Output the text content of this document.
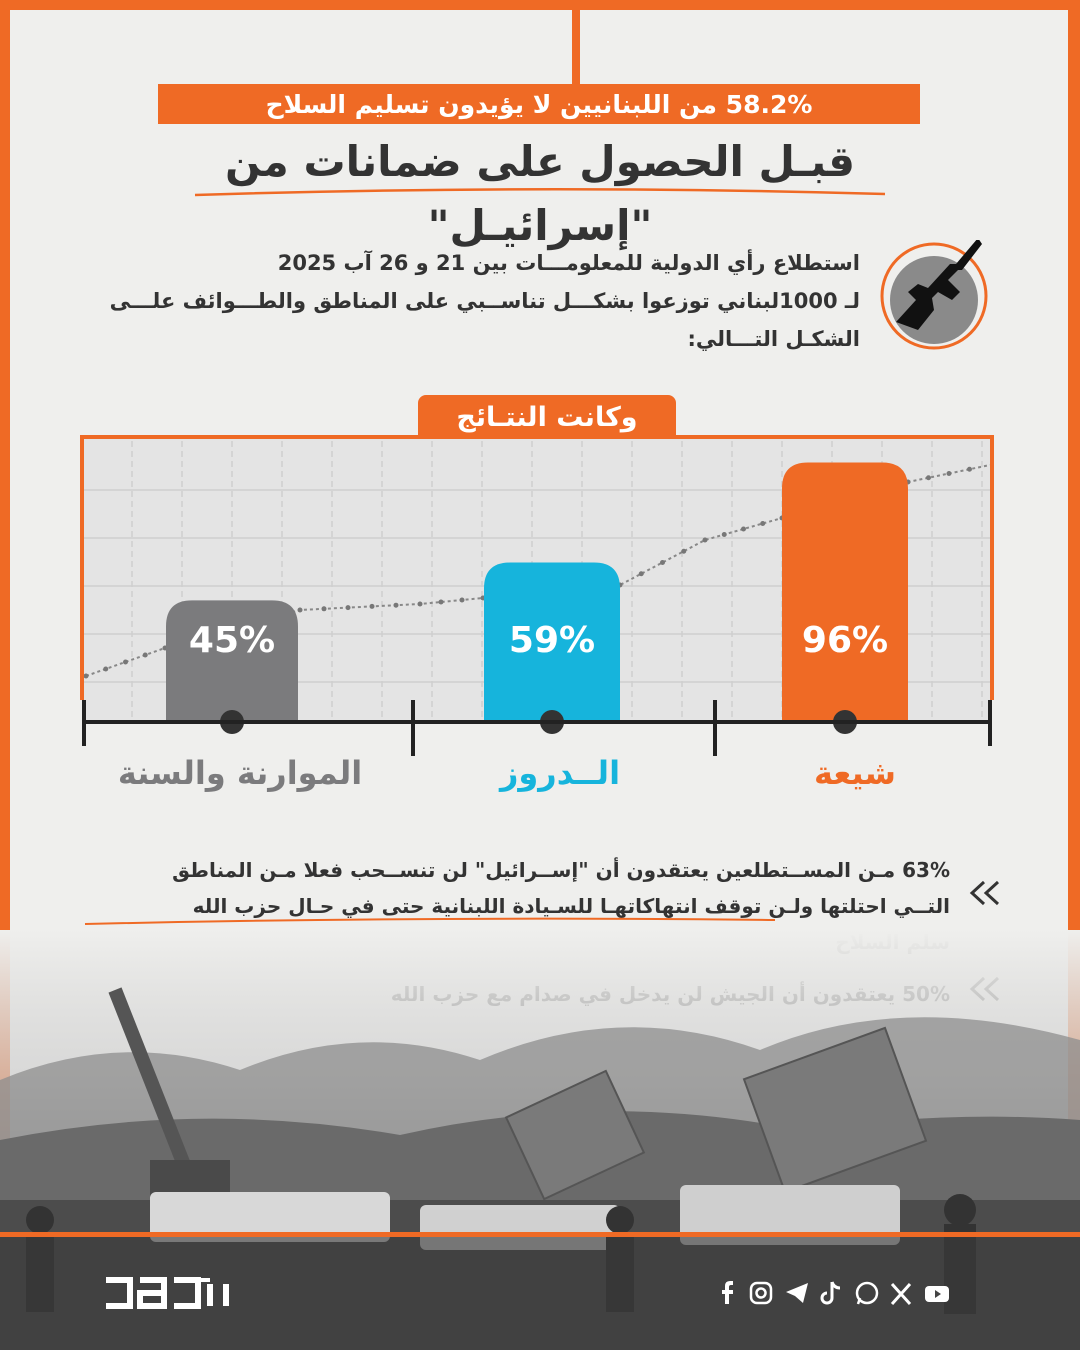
58.2% من اللبنانيين لا يؤيدون تسليم السلاح
قبـل الحصول على ضمانات من "إسرائيـل"
استطلاع رأي الدولية للمعلومـــات بين 21 و 26 آب 2025
لـ 1000لبناني توزعوا بشكـــل تناســبي على المناطق والطـــوائف علـــى
الشكـل التـــالي:
وكانت النتـائج
96%
59%
45%
شيعة
الــدروز
الموارنة والسنة
63% مـن المســتطلعين يعتقدون أن "إســرائيل" لن تنســحب فعلا مـن المناطق
التــي احتلتها ولـن توقف انتهاكاتهـا للسـيادة اللبنانية حتى في حـال حزب الله
